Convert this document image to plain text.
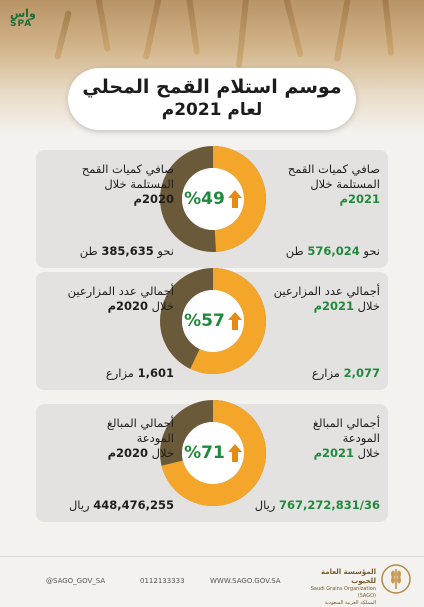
واس
SPA
موسم استلام القمح المحلي
لعام 2021م
صافي كميات القمح
المستلمة خلال
2021م
نحو 576,024 طن
%49
صافي كميات القمح
المستلمة خلال
2020م
نحو 385,635 طن
أجمالي عدد المزارعين
خلال 2021م
2,077 مزارع
%57
أجمالي عدد المزارعين
خلال 2020م
1,601 مزارع
أجمالي المبالغ
المودعة
خلال 2021م
767,272,831/36 ريال
%71
أجمالي المبالغ
المودعة
خلال 2020م
448,476,255 ريال
@SAGO_GOV_SA	0112133333	WWW.SAGO.GOV.SA
المؤسسة العامة للحبوب
Saudi Grains Organization (SAGO)
المملكة العربية السعودية
